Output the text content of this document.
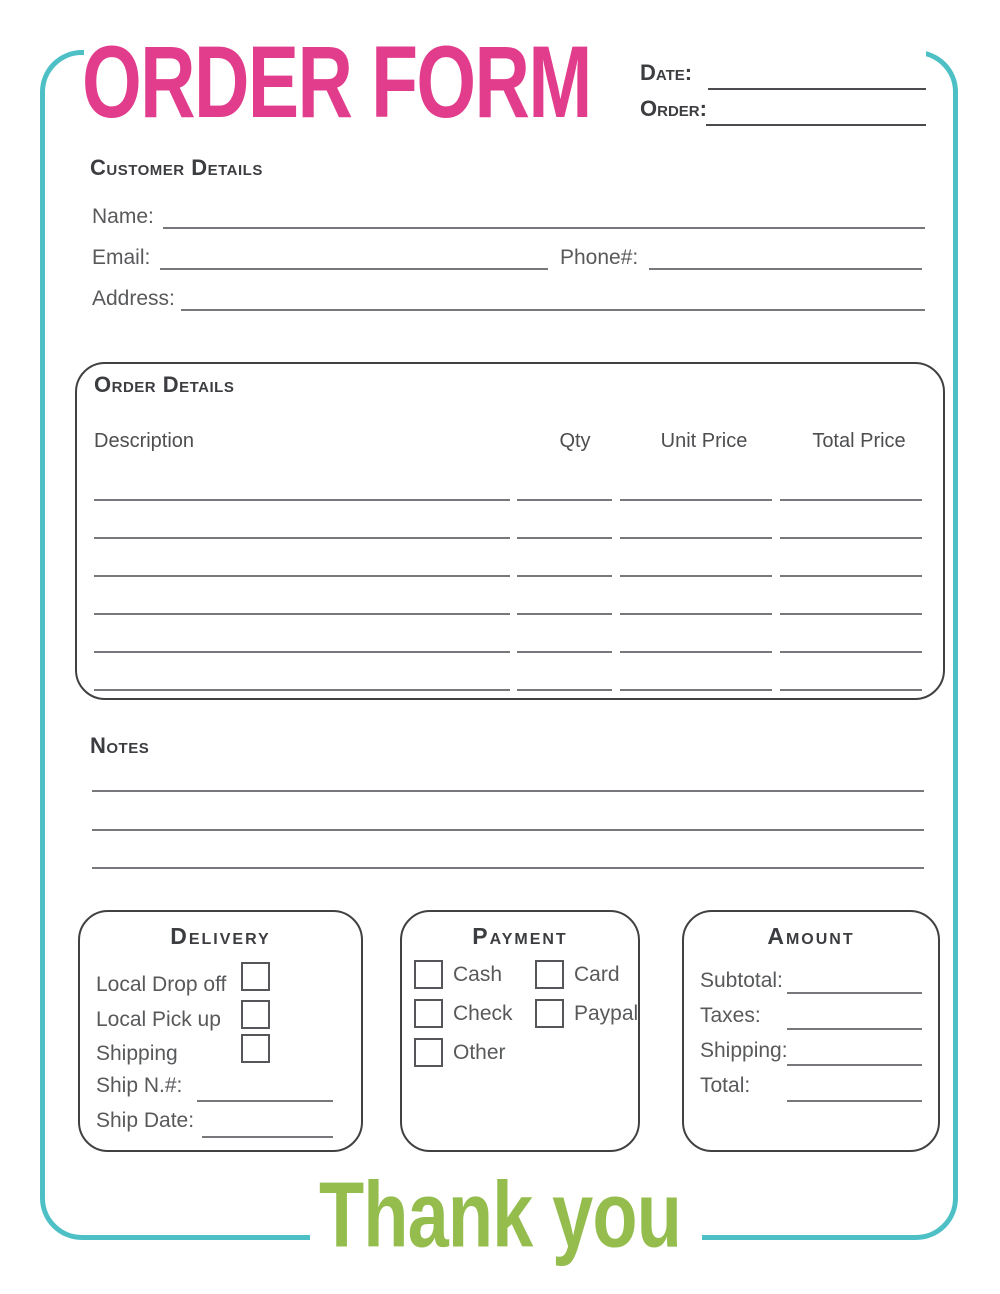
ORDER FORM	Date:
Order:
Customer Details
Name:
Email:	Phone#:
Address:
Order Details
Description	Qty	Unit Price	Total Price
Notes
Delivery
Local Drop off
Local Pick up
Shipping
Ship N.#:
Ship Date:
Payment
Cash	Card
Check	Paypal
Other
Amount
Subtotal:
Taxes:
Shipping:
Total:
Thank you
